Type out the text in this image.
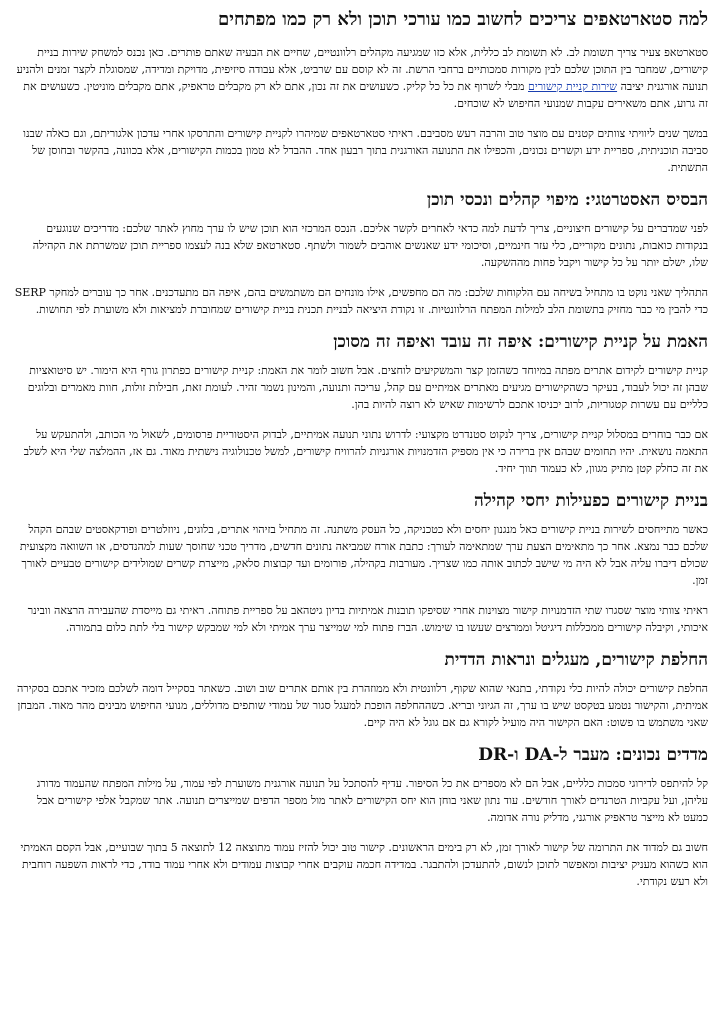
למה סטארטאפים צריכים לחשוב כמו עורכי תוכן ולא רק כמו מפתחים

סטארטאפ צעיר צריך תשומת לב. לא תשומת לב כללית, אלא כזו שמגיעה מקהלים רלוונטיים, שחיים את הבעיה שאתם פותרים. כאן נכנס למשחק שירות בניית קישורים, שמחבר בין התוכן שלכם לבין מקורות סמכותיים ברחבי הרשת. זה לא קוסם עם שרביט, אלא עבודה סיזיפית, מדויקת ומדידה, שמסוגלת לקצר זמנים ולהניע תנועה אורגנית יציבה שירות קניית קישורים מבלי לשרוף את כל כל קליק. כשעושים את זה נכון, אתם לא רק מקבלים טראפיק, אתם מקבלים מוניטין. כשעושים את זה גרוע, אתם משאירים עקבות שמנועי החיפוש לא שוכחים.

במשך שנים ליוויתי צוותים קטנים עם מוצר טוב והרבה רעש מסביבם. ראיתי סטארטאפים שמיהרו לקניית קישורים והתרסקו אחרי עדכון אלגוריתם, וגם כאלה שבנו סביבה תוכניתית, ספריית ידע וקשרים נכונים, והכפילו את התנועה האורגנית בתוך רבעון אחד. ההבדל לא טמון בכמות הקישורים, אלא בכוונה, בהקשר ובחוסן של התשתית.

הבסיס האסטרטגי: מיפוי קהלים ונכסי תוכן

לפני שמדברים על קישורים חיצוניים, צריך לדעת למה כדאי לאחרים לקשר אליכם. הנכס המרכזי הוא תוכן שיש לו ערך מחוץ לאתר שלכם: מדריכים שנוגעים בנקודות כואבות, נתונים מקוריים, כלי עזר חינמיים, וסיכומי ידע שאנשים אוהבים לשמור ולשתף. סטארטאפ שלא בנה לעצמו ספריית תוכן שמשרתת את הקהילה שלו, ישלם יותר על כל קישור ויקבל פחות מההשקעה.

התהליך שאני נוקט בו מתחיל בשיחה עם הלקוחות שלכם: מה הם מחפשים, אילו מונחים הם משתמשים בהם, איפה הם מתעדכנים. אחר כך עוברים למחקר SERP כדי להבין מי כבר מחזיק בתשומת הלב למילות המפתח הרלוונטיות. זו נקודת היציאה לבניית תכנית בניית קישורים שמחוברת למציאות ולא משוערת לפי תחושות.

האמת על קניית קישורים: איפה זה עובד ואיפה זה מסוכן

קניית קישורים לקידום אתרים מפתה במיוחד כשהזמן קצר והמשקיעים לוחצים. אבל חשוב לומר את האמת: קניית קישורים כפתרון גורף היא הימור. יש סיטואציות שבהן זה יכול לעבוד, בעיקר כשהקישורים מגיעים מאתרים אמיתיים עם קהל, עריכה ותנועה, והמינון נשמר זהיר. לעומת זאת, חבילות זולות, חוות מאמרים ובלוגים כלליים עם עשרות קטגוריות, לרוב יכניסו אתכם לרשימות שאיש לא רוצה להיות בהן.

אם כבר בוחרים במסלול קניית קישורים, צריך לנקוט סטנדרט מקצועי: לדרוש נתוני תנועה אמיתיים, לבדוק היסטוריית פרסומים, לשאול מי הכותב, ולהתעקש על התאמה נושאית. יהיו תחומים שבהם אין ברירה כי אין מספיק הזדמנויות אורגניות להרוויח קישורים, למשל טכנולוגיה נישתית מאוד. גם אז, ההמלצה שלי היא לשלב את זה כחלק קטן מתיק מגוון, לא כעמוד תווך יחיד.

בניית קישורים כפעילות יחסי קהילה

כאשר מתייחסים לשירות בניית קישורים כאל מנגנון יחסים ולא כטכניקה, כל העסק משתנה. זה מתחיל בזיהוי אתרים, בלוגים, ניוזלטרים ופודקאסטים שבהם הקהל שלכם כבר נמצא. אחר כך מתאימים הצעת ערך שמתאימה לעורך: כתבת אורח שמביאה נתונים חדשים, מדריך טכני שחוסך שעות למהנדסים, או השוואה מקצועית שכולם דיברו עליה אבל לא היה מי שישב לכתוב אותה כמו שצריך. מעורבות בקהילה, פורומים ועד קבוצות סלאק, מייצרת קשרים שמולידים קישורים טבעיים לאורך זמן.

ראיתי צוותי מוצר שסגרו שתי הזדמנויות קישור מצוינות אחרי שסיפקו תובנות אמיתיות בדיון גיטהאב על ספריית פתוחה. ראיתי גם מייסדת שהעבירה הרצאה וובינר איכותי, וקיבלה קישורים ממכללות דיגיטל וממרצים שעשו בו שימוש. הברז פתוח למי שמייצר ערך אמיתי ולא למי שמבקש קישור בלי לתת כלום בתמורה.

החלפת קישורים, מעגלים ונראות הדדית

החלפת קישורים יכולה להיות כלי נקודתי, בתנאי שהוא שקוף, רלוונטית ולא ממוזהרת בין אותם אתרים שוב ושוב. כשאתר בסקייל דומה לשלכם מזכיר אתכם בסקירה אמיתית, והקישור נטמע בטקסט שיש בו ערך, זה הגיוני ובריא. כשההחלפה הופכת למעגל סגור של עמודי שותפים מדוללים, מנועי החיפוש מבינים מהר מאוד. המבחן שאני משתמש בו פשוט: האם הקישור היה מועיל לקורא גם אם גוגל לא היה קיים.

מדדים נכונים: מעבר ל-DA ו-DR

קל להיתפס לדירוגי סמכות כלליים, אבל הם לא מספרים את כל הסיפור. עדיף להסתכל על תנועה אורגנית משוערת לפי עמוד, על מילות המפתח שהעמוד מדורג עליהן, ועל עקביות הטרנדים לאורך חודשים. עוד נתון שאני בוחן הוא יחס הקישורים לאתר מול מספר הדפים שמייצרים תנועה. אתר שמקבל אלפי קישורים אבל כמעט לא מייצר טראפיק אורגני, מדליק נורה אדומה.

חשוב גם למדוד את התרומה של קישור לאורך זמן, לא רק בימים הראשונים. קישור טוב יכול להזיז עמוד מתוצאה 12 לתוצאה 5 בתוך שבועיים, אבל הקסם האמיתי הוא כשהוא מעניק יציבות ומאפשר לתוכן לנשום, להתעדכן ולהתבגר. במדידה חכמה עוקבים אחרי קבוצות עמודים ולא אחרי עמוד בודד, כדי לראות השפעה רוחבית ולא רעש נקודתי.
